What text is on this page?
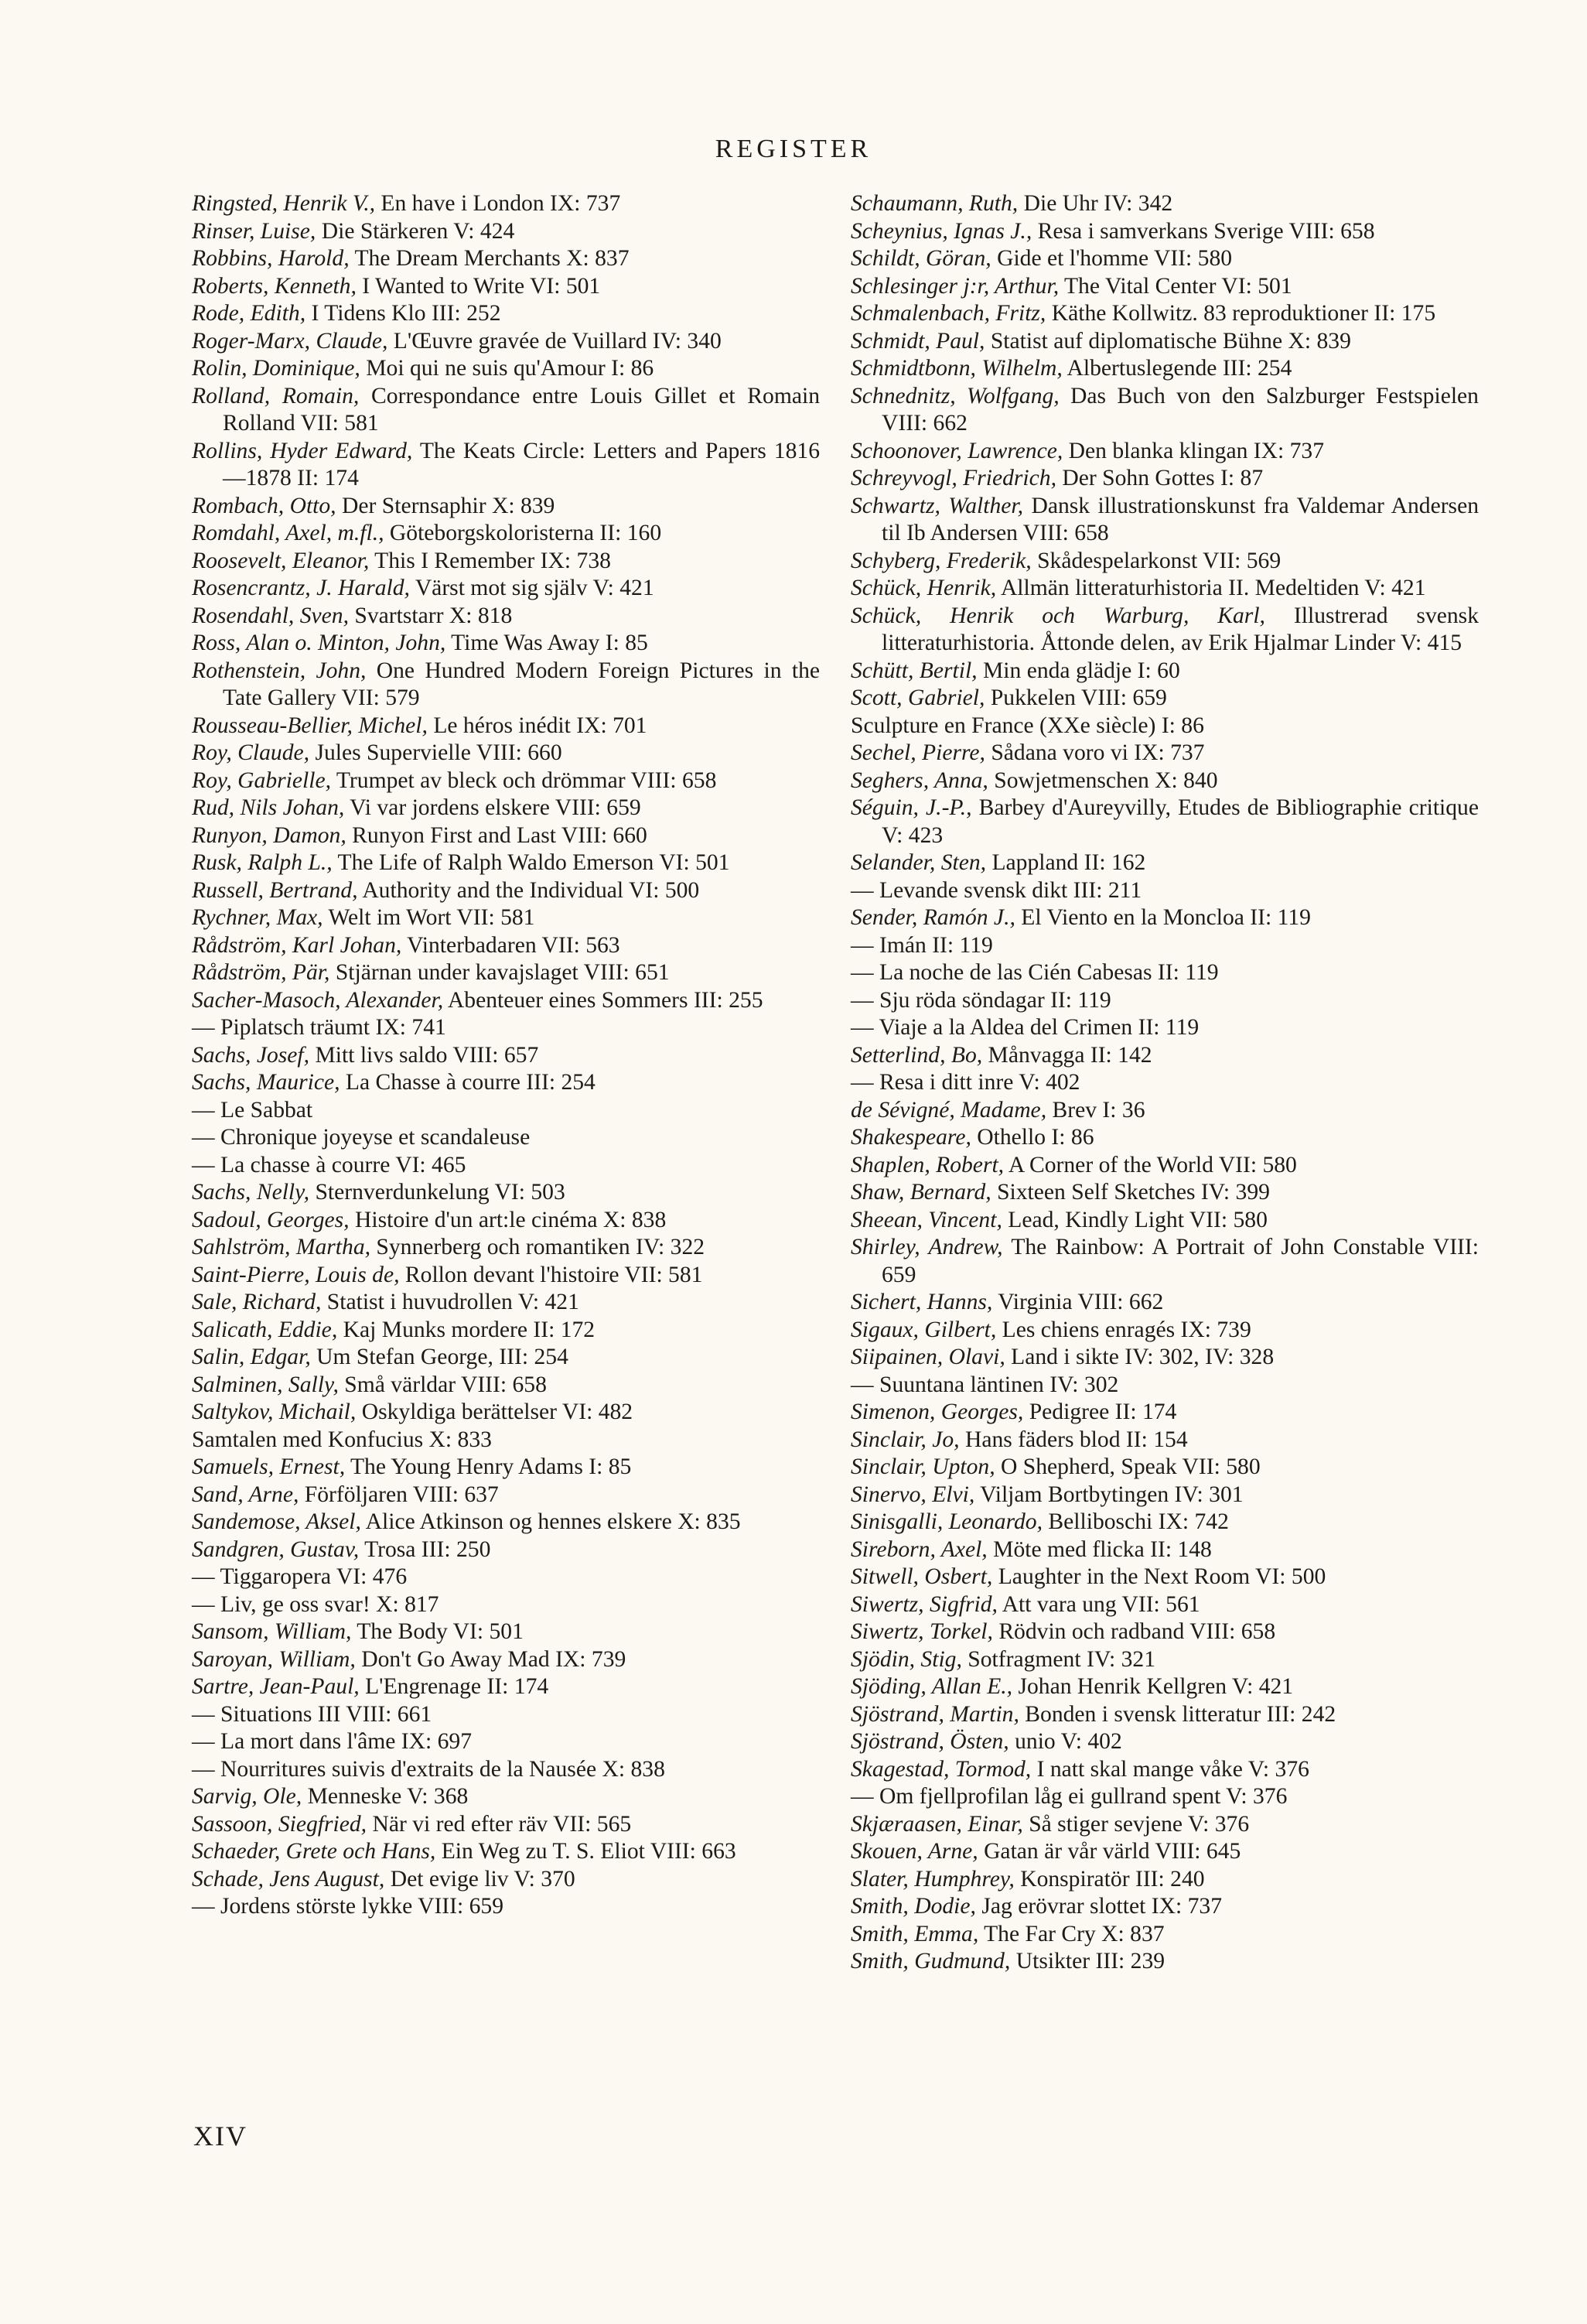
REGISTER
Ringsted, Henrik V., En have i London IX: 737
Rinser, Luise, Die Stärkeren V: 424
Robbins, Harold, The Dream Merchants X: 837
Roberts, Kenneth, I Wanted to Write VI: 501
Rode, Edith, I Tidens Klo III: 252
Roger-Marx, Claude, L'Œuvre gravée de Vuillard IV: 340
Rolin, Dominique, Moi qui ne suis qu'Amour I: 86
Rolland, Romain, Correspondance entre Louis Gillet et Romain Rolland VII: 581
Rollins, Hyder Edward, The Keats Circle: Letters and Papers 1816—1878 II: 174
Rombach, Otto, Der Sternsaphir X: 839
Romdahl, Axel, m.fl., Göteborgskoloristerna II: 160
Roosevelt, Eleanor, This I Remember IX: 738
Rosencrantz, J. Harald, Värst mot sig själv V: 421
Rosendahl, Sven, Svartstarr X: 818
Ross, Alan o. Minton, John, Time Was Away I: 85
Rothenstein, John, One Hundred Modern Foreign Pictures in the Tate Gallery VII: 579
Rousseau-Bellier, Michel, Le héros inédit IX: 701
Roy, Claude, Jules Supervielle VIII: 660
Roy, Gabrielle, Trumpet av bleck och drömmar VIII: 658
Rud, Nils Johan, Vi var jordens elskere VIII: 659
Runyon, Damon, Runyon First and Last VIII: 660
Rusk, Ralph L., The Life of Ralph Waldo Emerson VI: 501
Russell, Bertrand, Authority and the Individual VI: 500
Rychner, Max, Welt im Wort VII: 581
Rådström, Karl Johan, Vinterbadaren VII: 563
Rådström, Pär, Stjärnan under kavajslaget VIII: 651
Sacher-Masoch, Alexander, Abenteuer eines Sommers III: 255
— Piplatsch träumt IX: 741
Sachs, Josef, Mitt livs saldo VIII: 657
Sachs, Maurice, La Chasse à courre III: 254
— Le Sabbat
— Chronique joyeyse et scandaleuse
— La chasse à courre VI: 465
Sachs, Nelly, Sternverdunkelung VI: 503
Sadoul, Georges, Histoire d'un art:le cinéma X: 838
Sahlström, Martha, Synnerberg och romantiken IV: 322
Saint-Pierre, Louis de, Rollon devant l'histoire VII: 581
Sale, Richard, Statist i huvudrollen V: 421
Salicath, Eddie, Kaj Munks mordere II: 172
Salin, Edgar, Um Stefan George, III: 254
Salminen, Sally, Små världar VIII: 658
Saltykov, Michail, Oskyldiga berättelser VI: 482
Samtalen med Konfucius X: 833
Samuels, Ernest, The Young Henry Adams I: 85
Sand, Arne, Förföljaren VIII: 637
Sandemose, Aksel, Alice Atkinson og hennes elskere X: 835
Sandgren, Gustav, Trosa III: 250
— Tiggaropera VI: 476
— Liv, ge oss svar! X: 817
Sansom, William, The Body VI: 501
Saroyan, William, Don't Go Away Mad IX: 739
Sartre, Jean-Paul, L'Engrenage II: 174
— Situations III VIII: 661
— La mort dans l'âme IX: 697
— Nourritures suivis d'extraits de la Nausée X: 838
Sarvig, Ole, Menneske V: 368
Sassoon, Siegfried, När vi red efter räv VII: 565
Schaeder, Grete och Hans, Ein Weg zu T. S. Eliot VIII: 663
Schade, Jens August, Det evige liv V: 370
— Jordens störste lykke VIII: 659
Schaumann, Ruth, Die Uhr IV: 342
Scheynius, Ignas J., Resa i samverkans Sverige VIII: 658
Schildt, Göran, Gide et l'homme VII: 580
Schlesinger j:r, Arthur, The Vital Center VI: 501
Schmalenbach, Fritz, Käthe Kollwitz. 83 reproduktioner II: 175
Schmidt, Paul, Statist auf diplomatische Bühne X: 839
Schmidtbonn, Wilhelm, Albertuslegende III: 254
Schnednitz, Wolfgang, Das Buch von den Salzburger Festspielen VIII: 662
Schoonover, Lawrence, Den blanka klingan IX: 737
Schreyvogl, Friedrich, Der Sohn Gottes I: 87
Schwartz, Walther, Dansk illustrationskunst fra Valdemar Andersen til Ib Andersen VIII: 658
Schyberg, Frederik, Skådespelarkonst VII: 569
Schück, Henrik, Allmän litteraturhistoria II. Medeltiden V: 421
Schück, Henrik och Warburg, Karl, Illustrerad svensk litteraturhistoria. Åttonde delen, av Erik Hjalmar Linder V: 415
Schütt, Bertil, Min enda glädje I: 60
Scott, Gabriel, Pukkelen VIII: 659
Sculpture en France (XXe siècle) I: 86
Sechel, Pierre, Sådana voro vi IX: 737
Seghers, Anna, Sowjetmenschen X: 840
Séguin, J.-P., Barbey d'Aureyvilly, Etudes de Bibliographie critique V: 423
Selander, Sten, Lappland II: 162
— Levande svensk dikt III: 211
Sender, Ramón J., El Viento en la Moncloa II: 119
— Imán II: 119
— La noche de las Cién Cabesas II: 119
— Sju röda söndagar II: 119
— Viaje a la Aldea del Crimen II: 119
Setterlind, Bo, Månvagga II: 142
— Resa i ditt inre V: 402
de Sévigné, Madame, Brev I: 36
Shakespeare, Othello I: 86
Shaplen, Robert, A Corner of the World VII: 580
Shaw, Bernard, Sixteen Self Sketches IV: 399
Sheean, Vincent, Lead, Kindly Light VII: 580
Shirley, Andrew, The Rainbow: A Portrait of John Constable VIII: 659
Sichert, Hanns, Virginia VIII: 662
Sigaux, Gilbert, Les chiens enragés IX: 739
Siipainen, Olavi, Land i sikte IV: 302, IV: 328
— Suuntana läntinen IV: 302
Simenon, Georges, Pedigree II: 174
Sinclair, Jo, Hans fäders blod II: 154
Sinclair, Upton, O Shepherd, Speak VII: 580
Sinervo, Elvi, Viljam Bortbytingen IV: 301
Sinisgalli, Leonardo, Belliboschi IX: 742
Sireborn, Axel, Möte med flicka II: 148
Sitwell, Osbert, Laughter in the Next Room VI: 500
Siwertz, Sigfrid, Att vara ung VII: 561
Siwertz, Torkel, Rödvin och radband VIII: 658
Sjödin, Stig, Sotfragment IV: 321
Sjöding, Allan E., Johan Henrik Kellgren V: 421
Sjöstrand, Martin, Bonden i svensk litteratur III: 242
Sjöstrand, Östen, unio V: 402
Skagestad, Tormod, I natt skal mange våke V: 376
— Om fjellprofilan låg ei gullrand spent V: 376
Skjæraasen, Einar, Så stiger sevjene V: 376
Skouen, Arne, Gatan är vår värld VIII: 645
Slater, Humphrey, Konspiratör III: 240
Smith, Dodie, Jag erövrar slottet IX: 737
Smith, Emma, The Far Cry X: 837
Smith, Gudmund, Utsikter III: 239
XIV
